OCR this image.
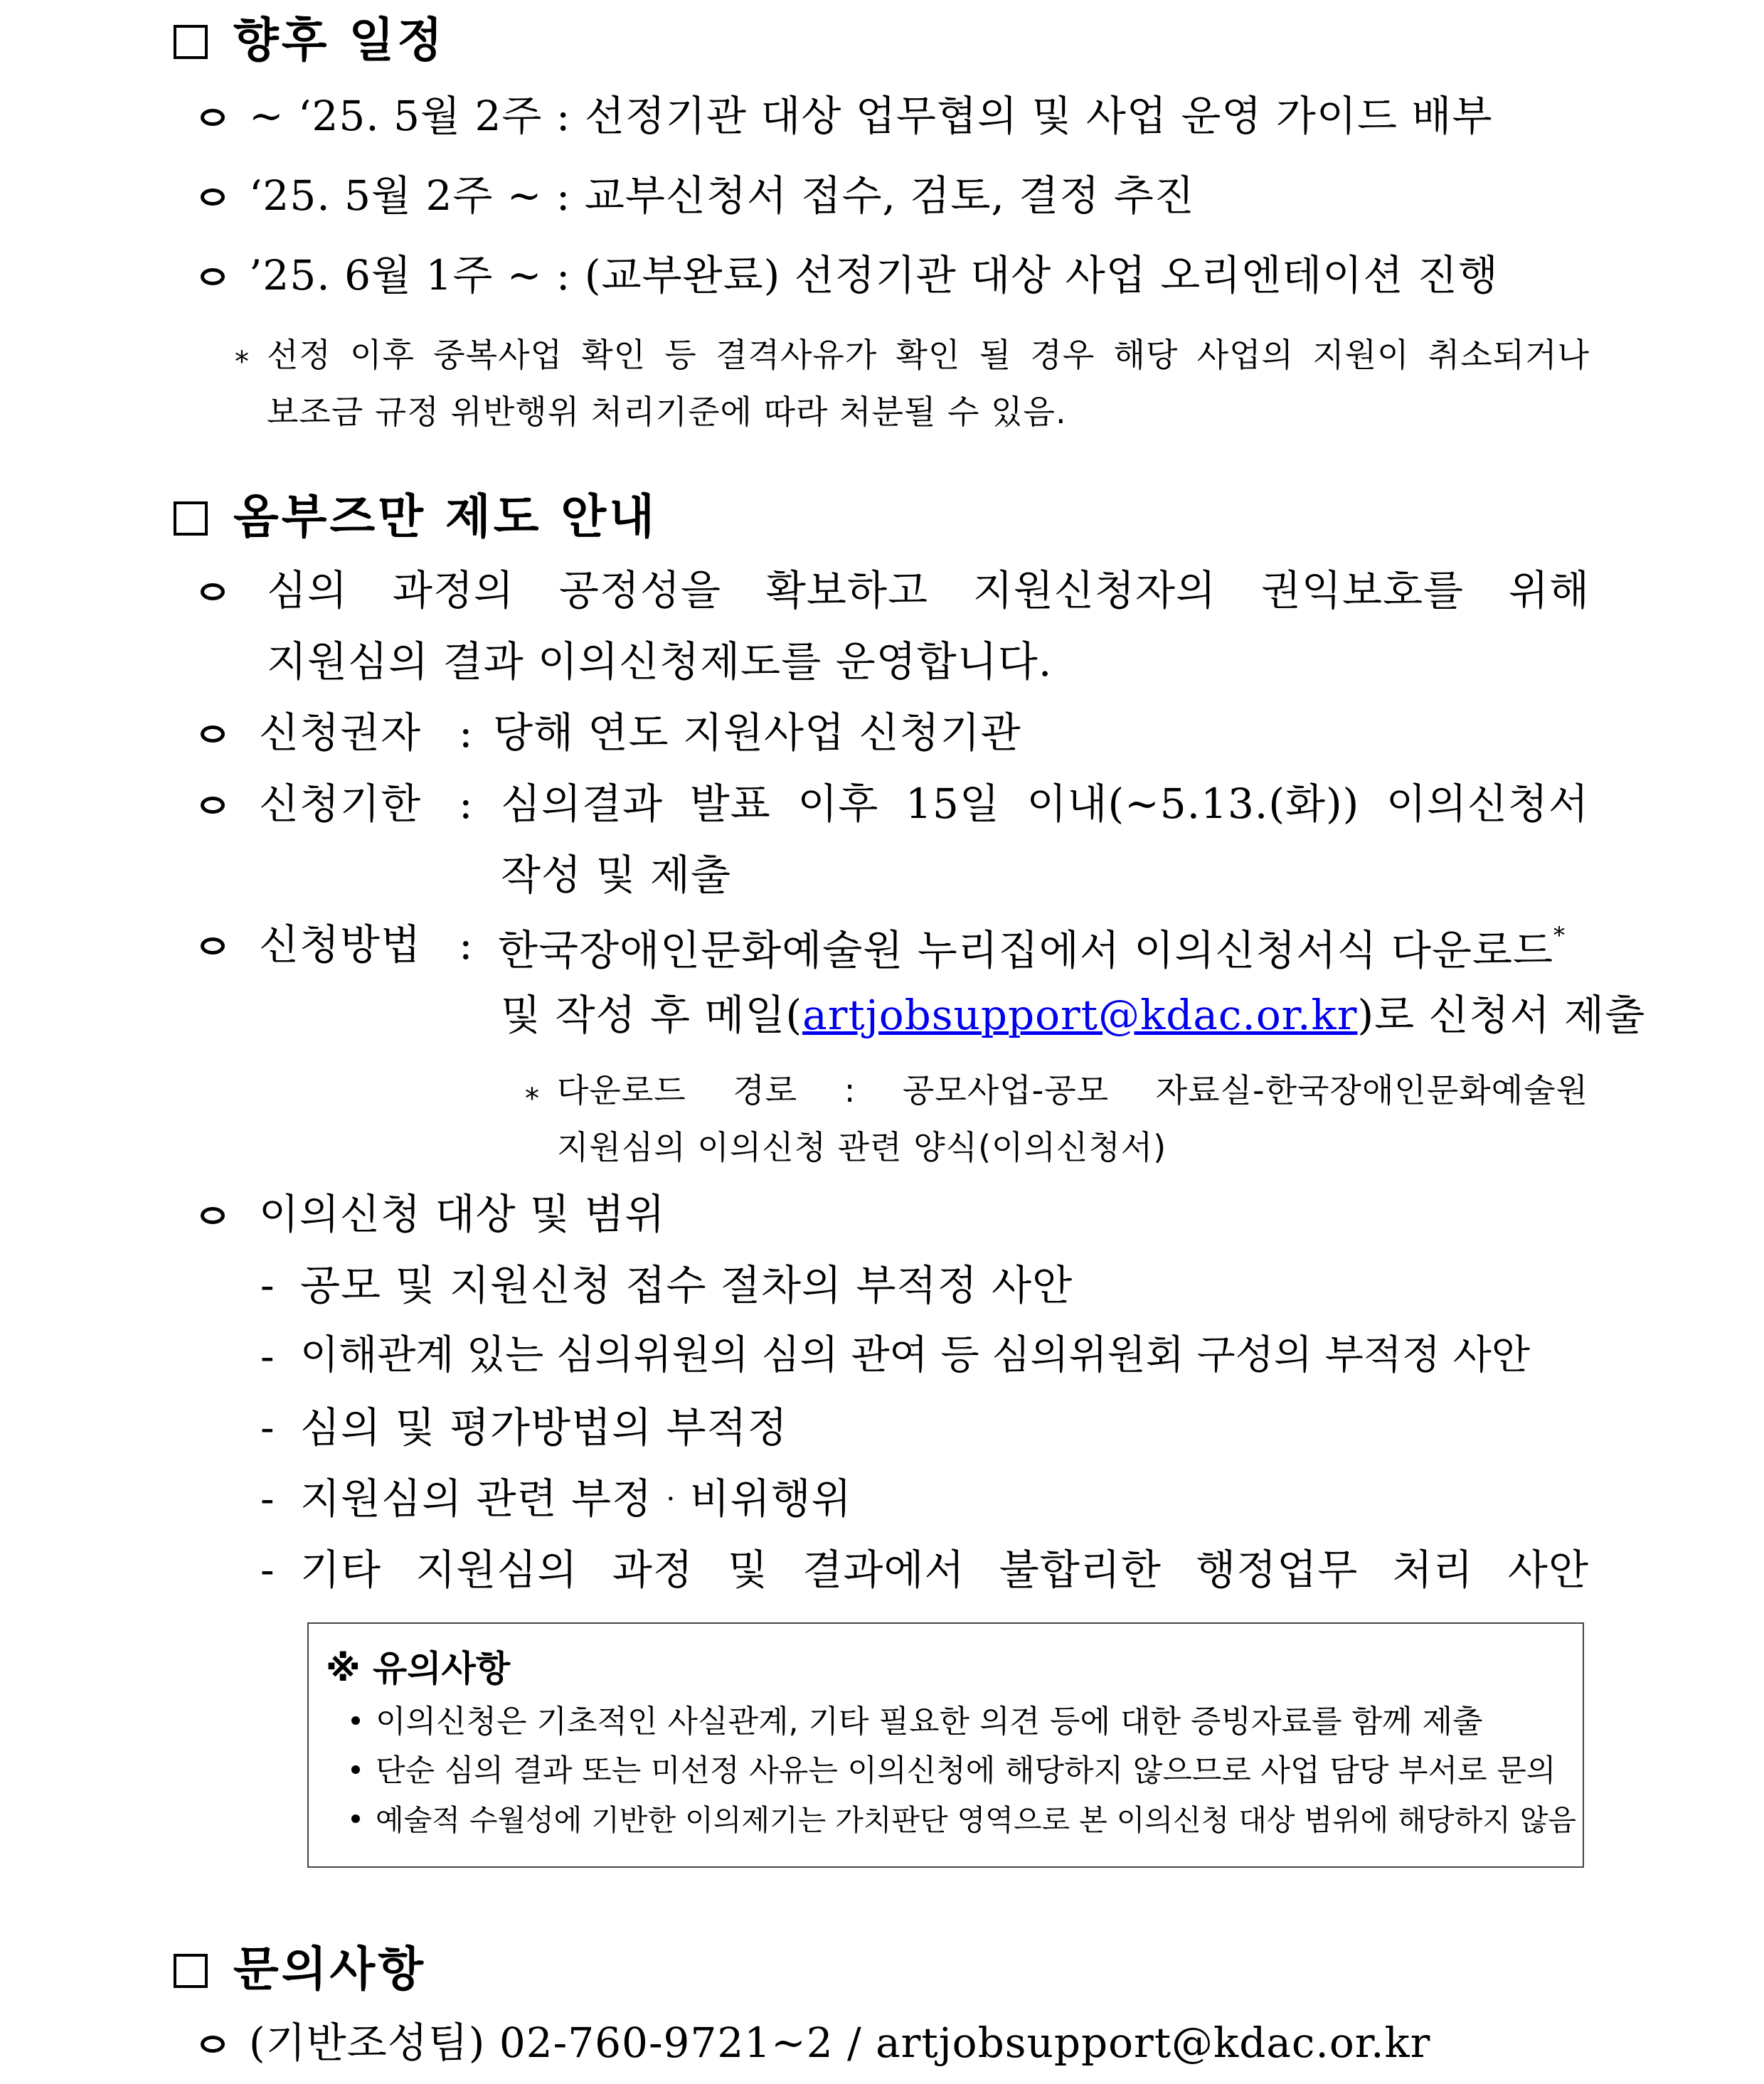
향후 일정
~ ‘25. 5월 2주 : 선정기관 대상 업무협의 및 사업 운영 가이드 배부
‘25. 5월 2주 ~ : 교부신청서 접수, 검토, 결정 추진
’25. 6월 1주 ~ : (교부완료) 선정기관 대상 사업 오리엔테이션 진행
* 선정 이후 중복사업 확인 등 결격사유가 확인 될 경우 해당 사업의 지원이 취소되거나
보조금 규정 위반행위 처리기준에 따라 처분될 수 있음.
옴부즈만 제도 안내
심의 과정의 공정성을 확보하고 지원신청자의 권익보호를 위해
지원심의 결과 이의신청제도를 운영합니다.
신청권자 : 당해 연도 지원사업 신청기관
신청기한 : 심의결과 발표 이후 15일 이내(~5.13.(화)) 이의신청서
작성 및 제출
신청방법 : 한국장애인문화예술원 누리집에서 이의신청서식 다운로드*
및 작성 후 메일(artjobsupport@kdac.or.kr)로 신청서 제출
* 다운로드 경로 : 공모사업-공모 자료실-한국장애인문화예술원
지원심의 이의신청 관련 양식(이의신청서)
이의신청 대상 및 범위
- 공모 및 지원신청 접수 절차의 부적정 사안
- 이해관계 있는 심의위원의 심의 관여 등 심의위원회 구성의 부적정 사안
- 심의 및 평가방법의 부적정
- 지원심의 관련 부정 · 비위행위
- 기타 지원심의 과정 및 결과에서 불합리한 행정업무 처리 사안
※ 유의사항
이의신청은 기초적인 사실관계, 기타 필요한 의견 등에 대한 증빙자료를 함께 제출
단순 심의 결과 또는 미선정 사유는 이의신청에 해당하지 않으므로 사업 담당 부서로 문의
예술적 수월성에 기반한 이의제기는 가치판단 영역으로 본 이의신청 대상 범위에 해당하지 않음
문의사항
(기반조성팀) 02-760-9721~2 / artjobsupport@kdac.or.kr
